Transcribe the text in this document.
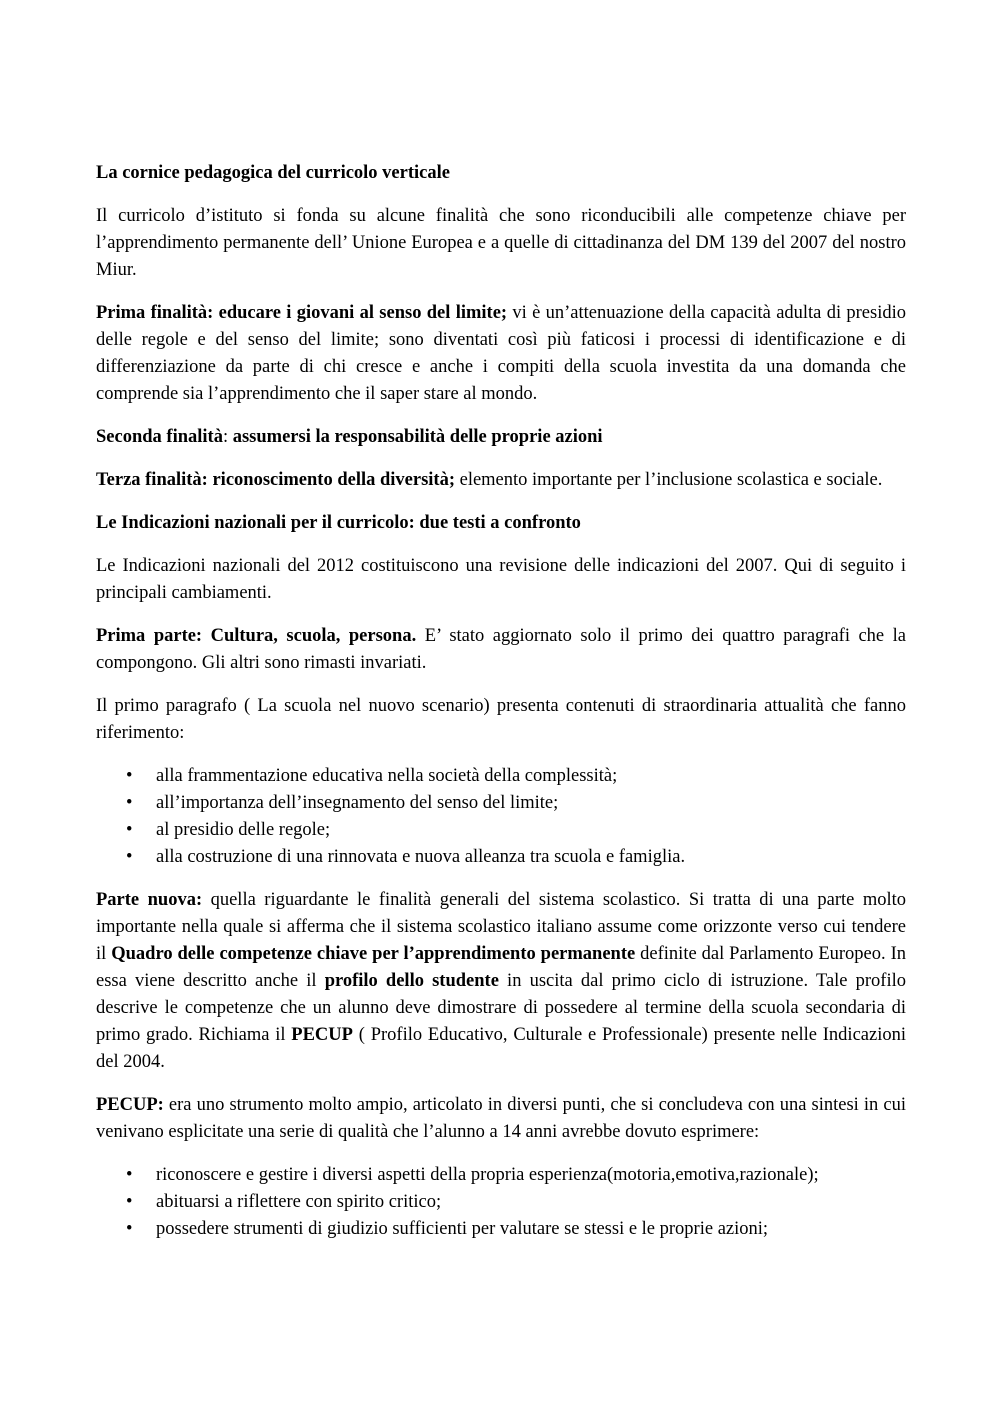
La cornice pedagogica del curricolo verticale

Il curricolo d’istituto si fonda su alcune finalità che sono riconducibili alle competenze chiave per l’apprendimento permanente dell’ Unione Europea e a quelle di cittadinanza del DM 139 del 2007 del nostro Miur.

Prima finalità: educare i giovani al senso del limite; vi è un’attenuazione della capacità adulta di presidio delle regole e del senso del limite; sono diventati così più faticosi i processi di identificazione e di differenziazione da parte di chi cresce e anche i compiti della scuola investita da una domanda che comprende sia l’apprendimento che il saper stare al mondo.

Seconda finalità: assumersi la responsabilità delle proprie azioni

Terza finalità: riconoscimento della diversità; elemento importante per l’inclusione scolastica e sociale.

Le Indicazioni nazionali per il curricolo: due testi a confronto

Le Indicazioni nazionali del 2012 costituiscono una revisione delle indicazioni del 2007. Qui di seguito i principali cambiamenti.

Prima parte: Cultura, scuola, persona. E’ stato aggiornato solo il primo dei quattro paragrafi che la compongono. Gli altri sono rimasti invariati.

Il primo paragrafo ( La scuola nel nuovo scenario) presenta contenuti di straordinaria attualità che fanno riferimento:

• alla frammentazione educativa nella società della complessità;
• all’importanza dell’insegnamento del senso del limite;
• al presidio delle regole;
• alla costruzione di una rinnovata e nuova alleanza tra scuola e famiglia.

Parte nuova: quella riguardante le finalità generali del sistema scolastico. Si tratta di una parte molto importante nella quale si afferma che il sistema scolastico italiano assume come orizzonte verso cui tendere il Quadro delle competenze chiave per l’apprendimento permanente definite dal Parlamento Europeo. In essa viene descritto anche il profilo dello studente in uscita dal primo ciclo di istruzione. Tale profilo descrive le competenze che un alunno deve dimostrare di possedere al termine della scuola secondaria di primo grado. Richiama il PECUP ( Profilo Educativo, Culturale e Professionale) presente nelle Indicazioni del 2004.

PECUP: era uno strumento molto ampio, articolato in diversi punti, che si concludeva con una sintesi in cui venivano esplicitate una serie di qualità che l’alunno a 14 anni avrebbe dovuto esprimere:

• riconoscere e gestire i diversi aspetti della propria esperienza(motoria,emotiva,razionale);
• abituarsi a riflettere con spirito critico;
• possedere strumenti di giudizio sufficienti per valutare se stessi e le proprie azioni;
